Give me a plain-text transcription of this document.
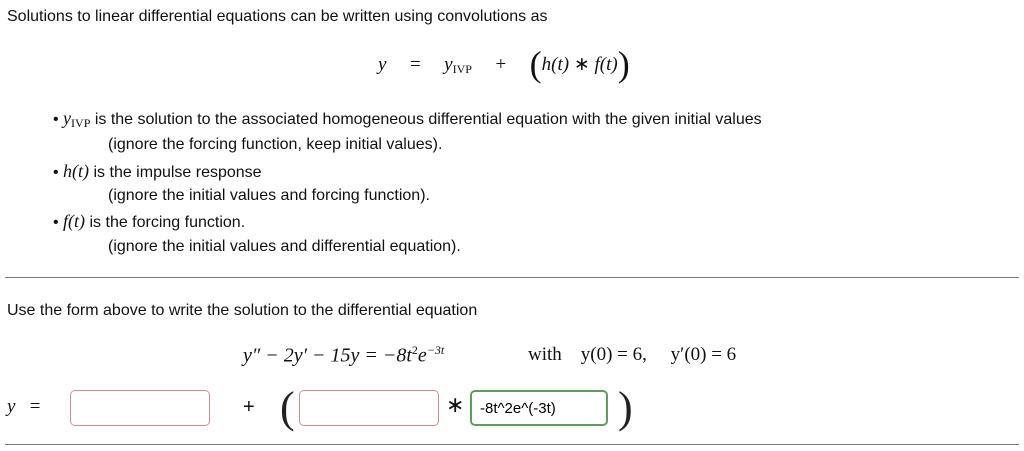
Solutions to linear differential equations can be written using convolutions as
y = yIVP + (h(t) ∗ f(t))
• yIVP is the solution to the associated homogeneous differential equation with the given initial values
(ignore the forcing function, keep initial values).
• h(t) is the impulse response
(ignore the initial values and forcing function).
• f(t) is the forcing function.
(ignore the initial values and differential equation).
Use the form above to write the solution to the differential equation
$y'' - 2y' - 15y = -8t^2e^{-3t}$	with y(0) = 6, y′(0) = 6
y =	+ (	∗
-8t^2e^(-3t)	)
